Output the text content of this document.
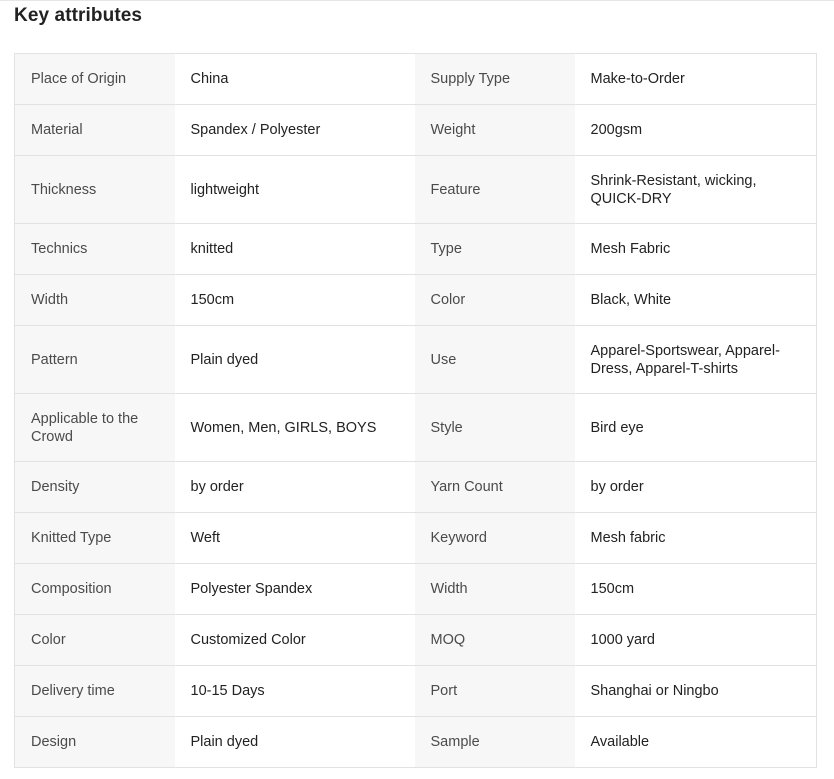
Key attributes
Place of Origin	China	Supply Type	Make-to-Order
Material	Spandex / Polyester	Weight	200gsm
Thickness	lightweight	Feature	Shrink-Resistant, wicking, QUICK-DRY
Technics	knitted	Type	Mesh Fabric
Width	150cm	Color	Black, White
Pattern	Plain dyed	Use	Apparel-Sportswear, Apparel-Dress, Apparel-T-shirts
Applicable to the Crowd	Women, Men, GIRLS, BOYS	Style	Bird eye
Density	by order	Yarn Count	by order
Knitted Type	Weft	Keyword	Mesh fabric
Composition	Polyester Spandex	Width	150cm
Color	Customized Color	MOQ	1000 yard
Delivery time	10-15 Days	Port	Shanghai or Ningbo
Design	Plain dyed	Sample	Available
